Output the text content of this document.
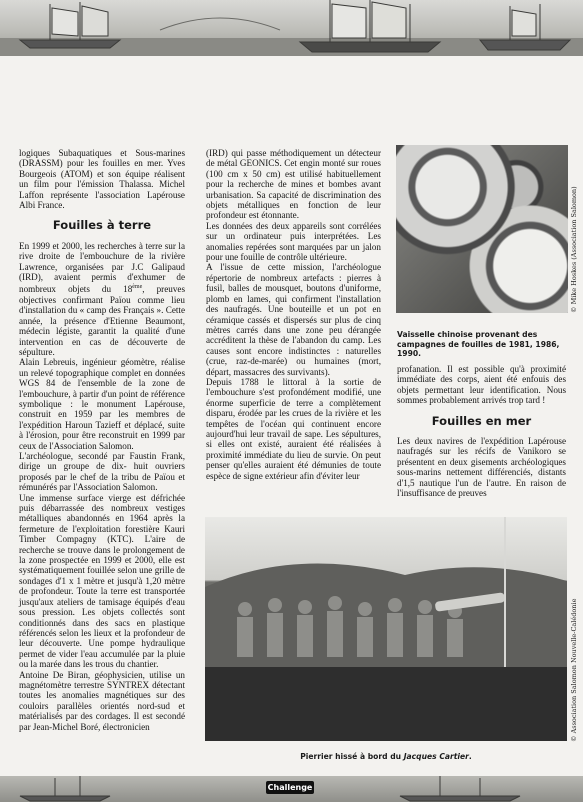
logiques Subaquatiques et Sous-marines (DRASSM) pour les fouilles en mer. Yves Bourgeois (ATOM) et son équipe réalisent un film pour l'émission Thalassa. Michel Laffon représente l'association Lapérouse Albi France.

Fouilles à terre

En 1999 et 2000, les recherches à terre sur la rive droite de l'embouchure de la rivière Lawrence, organisées par J.C Galipaud (IRD), avaient permis d'exhumer de nombreux objets du 18ème, preuves objectives confirmant Païou comme lieu d'installation du « camp des Français ». Cette année, la présence d'Etienne Beaumont, médecin légiste, garantit la qualité d'une intervention en cas de découverte de sépulture.

Alain Lebreuis, ingénieur géomètre, réalise un relevé topographique complet en données WGS 84 de l'ensemble de la zone de l'embouchure, à partir d'un point de référence symbolique : le monument Lapérouse, construit en 1959 par les membres de l'expédition Haroun Tazieff et déplacé, suite à l'érosion, pour être reconstruit en 1999 par ceux de l'Association Salomon.

L'archéologue, secondé par Faustin Frank, dirige un groupe de dix- huit ouvriers proposés par le chef de la tribu de Païou et rémunérés par l'Association Salomon.

Une immense surface vierge est défrichée puis débarrassée des nombreux vestiges métalliques abandonnés en 1964 après la fermeture de l'exploitation forestière Kauri Timber Compagny (KTC). L'aire de recherche se trouve dans le prolongement de la zone prospectée en 1999 et 2000, elle est systématiquement fouillée selon une grille de sondages d'1 x 1 mètre et jusqu'à 1,20 mètre de profondeur. Toute la terre est transportée jusqu'aux ateliers de tamisage équipés d'eau sous pression. Les objets collectés sont conditionnés dans des sacs en plastique référencés selon les lieux et la profondeur de leur découverte. Une pompe hydraulique permet de vider l'eau accumulée par la pluie ou la marée dans les trous du chantier.

Antoine De Biran, géophysicien, utilise un magnétomètre terrestre SYNTREX détectant toutes les anomalies magnétiques sur des couloirs parallèles orientés nord-sud et matérialisés par des cordages. Il est secondé par Jean-Michel Boré, électronicien

(IRD) qui passe méthodiquement un détecteur de métal GEONICS. Cet engin monté sur roues (100 cm x 50 cm) est utilisé habituellement pour la recherche de mines et bombes avant urbanisation. Sa capacité de discrimination des objets métalliques en fonction de leur profondeur est étonnante.

Les données des deux appareils sont corrélées sur un ordinateur puis interprétées. Les anomalies repérées sont marquées par un jalon pour une fouille de contrôle ultérieure.

A l'issue de cette mission, l'archéologue répertorie de nombreux artefacts : pierres à fusil, balles de mousquet, boutons d'uniforme, plomb en lames, qui confirment l'installation des naufragés. Une bouteille et un pot en céramique cassés et dispersés sur plus de cinq mètres carrés dans une zone peu dérangée accréditent la thèse de l'abandon du camp. Les causes sont encore indistinctes : naturelles (crue, raz-de-marée) ou humaines (mort, départ, massacres des survivants).

Depuis 1788 le littoral à la sortie de l'embouchure s'est profondément modifié, une énorme superficie de terre a complètement disparu, érodée par les crues de la rivière et les tempêtes de l'océan qui continuent encore aujourd'hui leur travail de sape. Les sépultures, si elles ont existé, auraient été réalisées à proximité immédiate du lieu de survie. On peut penser qu'elles auraient été démunies de toute espèce de signe extérieur afin d'éviter leur

Vaisselle chinoise provenant des campagnes de fouilles de 1981, 1986, 1990.
© Mike Hoskes (Association Salomon)

profanation. Il est possible qu'à proximité immédiate des corps, aient été enfouis des objets permettant leur identification. Nous sommes probablement arrivés trop tard !

Fouilles en mer

Les deux navires de l'expédition Lapérouse naufragés sur les récifs de Vanikoro se présentent en deux gisements archéologiques sous-marins nettement différenciés, distants d'1,5 nautique l'un de l'autre. En raison de l'insuffisance de preuves

Pierrier hissé à bord du Jacques Cartier.
© Association Salomon Nouvelle-Calédonie
Challenge
